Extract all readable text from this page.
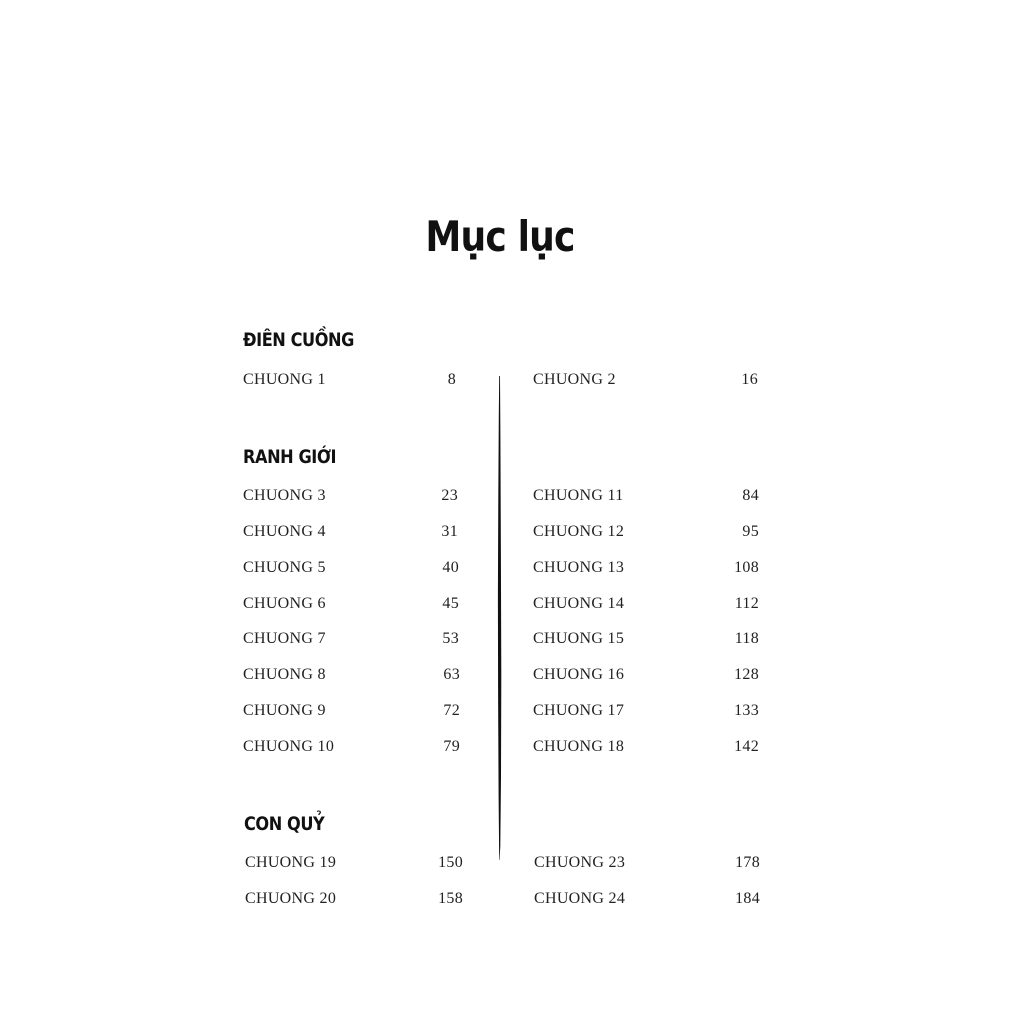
Mục lục
ĐIÊN CUỒNG
CHUONG 1	8	CHUONG 2	16
RANH GIỚI
CHUONG 3	23
CHUONG 4	31
CHUONG 5	40
CHUONG 6	45
CHUONG 7	53
CHUONG 8	63
CHUONG 9	72
CHUONG 10	79
CHUONG 11	84
CHUONG 12	95
CHUONG 13	108
CHUONG 14	112
CHUONG 15	118
CHUONG 16	128
CHUONG 17	133
CHUONG 18	142
CON QUỶ
CHUONG 19	150
CHUONG 20	158
CHUONG 23	178
CHUONG 24	184
